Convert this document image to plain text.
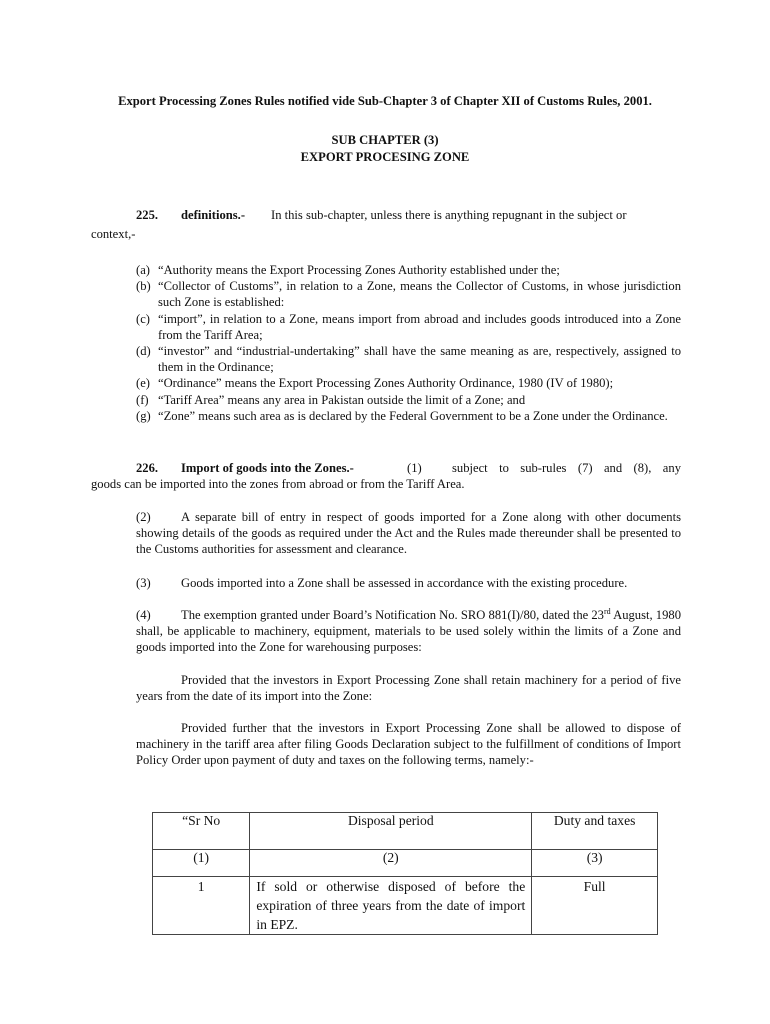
Export Processing Zones Rules notified vide Sub-Chapter 3 of Chapter XII of Customs Rules, 2001.
SUB CHAPTER (3)
EXPORT PROCESING ZONE
225. definitions.- In this sub-chapter, unless there is anything repugnant in the subject or
context,-
(a) “Authority means the Export Processing Zones Authority established under the;
(b) “Collector of Customs”, in relation to a Zone, means the Collector of Customs, in whose jurisdiction such Zone is established:
(c) “import”, in relation to a Zone, means import from abroad and includes goods introduced into a Zone from the Tariff Area;
(d) “investor” and “industrial-undertaking” shall have the same meaning as are, respectively, assigned to them in the Ordinance;
(e) “Ordinance” means the Export Processing Zones Authority Ordinance, 1980 (IV of 1980);
(f) “Tariff Area” means any area in Pakistan outside the limit of a Zone; and
(g) “Zone” means such area as is declared by the Federal Government to be a Zone under the Ordinance.
226. Import of goods into the Zones.-	(1) subject to sub-rules (7) and (8), any
goods can be imported into the zones from abroad or from the Tariff Area.
(2) A separate bill of entry in respect of goods imported for a Zone along with other documents showing details of the goods as required under the Act and the Rules made thereunder shall be presented to the Customs authorities for assessment and clearance.
(3) Goods imported into a Zone shall be assessed in accordance with the existing procedure.
(4) The exemption granted under Board’s Notification No. SRO 881(I)/80, dated the 23rd August, 1980 shall, be applicable to machinery, equipment, materials to be used solely within the limits of a Zone and goods imported into the Zone for warehousing purposes:
Provided that the investors in Export Processing Zone shall retain machinery for a period of five years from the date of its import into the Zone:
Provided further that the investors in Export Processing Zone shall be allowed to dispose of machinery in the tariff area after filing Goods Declaration subject to the fulfillment of conditions of Import Policy Order upon payment of duty and taxes on the following terms, namely:-
“Sr No	Disposal period	Duty and taxes
(1)	(2)	(3)
1	If sold or otherwise disposed of before the expiration of three years from the date of import in EPZ.	Full
